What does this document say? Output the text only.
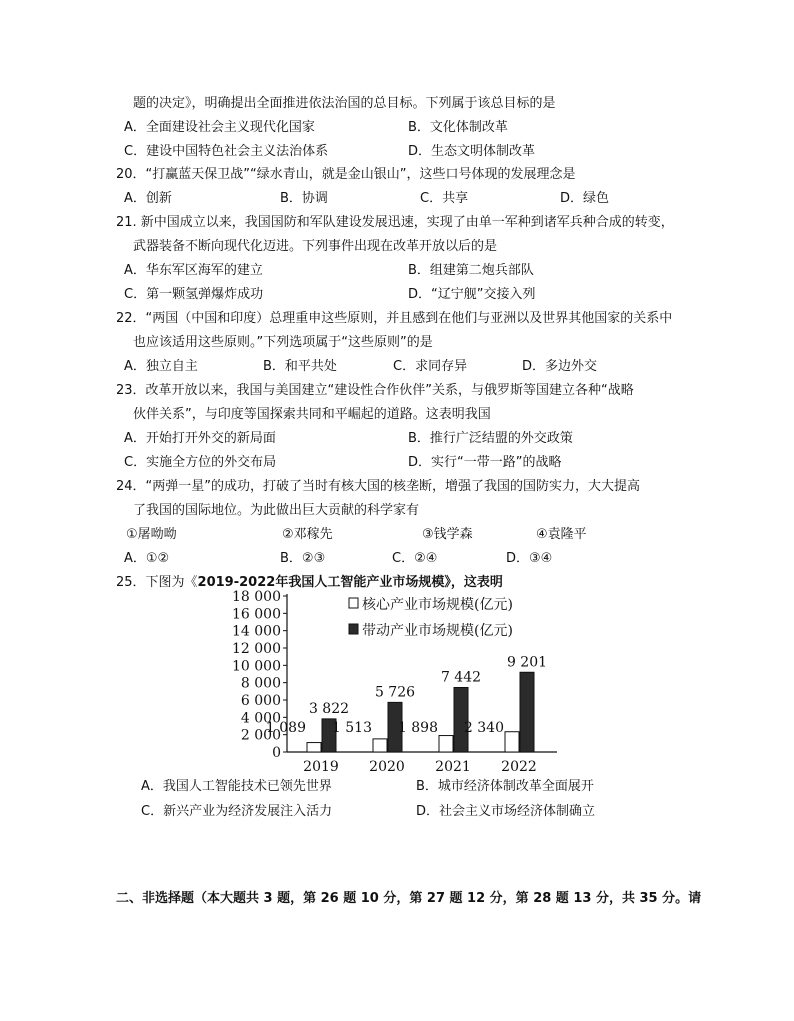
题的决定》，明确提出全面推进依法治国的总目标。下列属于该总目标的是
A．全面建设社会主义现代化国家	B．文化体制改革
C．建设中国特色社会主义法治体系	D．生态文明体制改革
20．“打赢蓝天保卫战”“绿水青山，就是金山银山”，这些口号体现的发展理念是
A．创新	B．协调	C．共享	D．绿色
21. 新中国成立以来，我国国防和军队建设发展迅速，实现了由单一军种到诸军兵种合成的转变，
武器装备不断向现代化迈进。下列事件出现在改革开放以后的是
A．华东军区海军的建立	B．组建第二炮兵部队
C．第一颗氢弹爆炸成功	D．“辽宁舰”交接入列
22．“两国（中国和印度）总理重申这些原则，并且感到在他们与亚洲以及世界其他国家的关系中
也应该适用这些原则。”下列选项属于“这些原则”的是
A．独立自主	B．和平共处	C．求同存异	D．多边外交
23．改革开放以来，我国与美国建立“建设性合作伙伴”关系，与俄罗斯等国建立各种“战略
伙伴关系”，与印度等国探索共同和平崛起的道路。这表明我国
A．开始打开外交的新局面	B．推行广泛结盟的外交政策
C．实施全方位的外交布局	D．实行“一带一路”的战略
24．“两弹一星”的成功，打破了当时有核大国的核垄断，增强了我国的国防实力，大大提高
了我国的国际地位。为此做出巨大贡献的科学家有
①屠呦呦	②邓稼先	③钱学森	④袁隆平
A．①②	B．②③	C．②④	D．③④
25．下图为《2019-2022年我国人工智能产业市场规模》，这表明
0
2 000
4 000
6 000
8 000
10 000
12 000
14 000
16 000
18 000
2019 2020 2021 2022
1 089
3 822
1 513
5 726
1 898
7 442
2 340
9 201
核心产业市场规模(亿元)
带动产业市场规模(亿元)
A．我国人工智能技术已领先世界	B．城市经济体制改革全面展开
C．新兴产业为经济发展注入活力	D．社会主义市场经济体制确立
二、非选择题（本大题共 3 题，第 26 题 10 分，第 27 题 12 分，第 28 题 13 分，共 35 分。请
